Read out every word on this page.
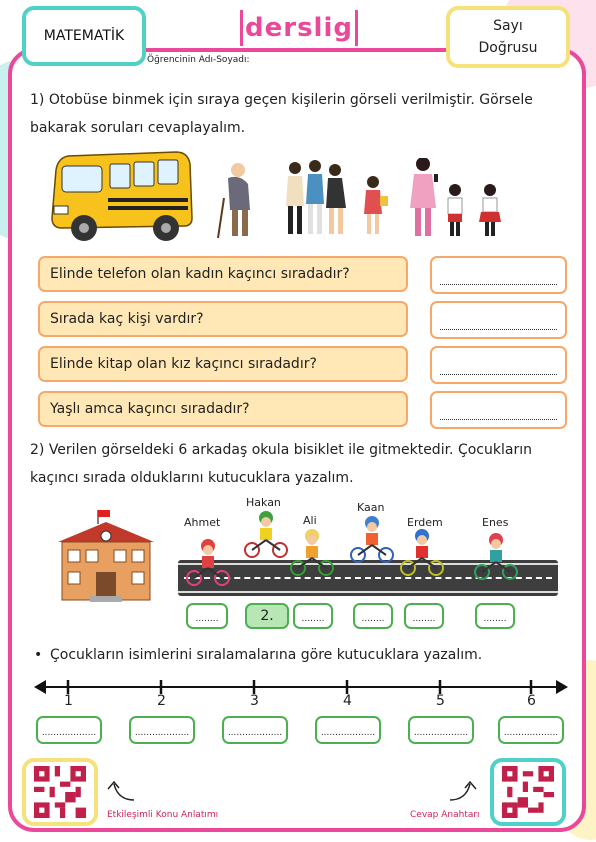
MATEMATİK	derslig	Sayı
Doğrusu
Öğrencinin Adı-Soyadı:
1) Otobüse binmek için sıraya geçen kişilerin görseli verilmiştir. Görsele
bakarak soruları cevaplayalım.
Elinde telefon olan kadın kaçıncı sıradadır?
Sırada kaç kişi vardır?
Elinde kitap olan kız kaçıncı sıradadır?
Yaşlı amca kaçıncı sıradadır?
2) Verilen görseldeki 6 arkadaş okula bisiklet ile gitmektedir. Çocukların
kaçıncı sırada olduklarını kutucuklara yazalım.
Ahmet
Hakan
Ali
Kaan
Erdem	Enes
........	2.	........	........	........	........
• Çocukların isimlerini sıralamalarına göre kutucuklara yazalım.
1	2	3	4	5	6
...................	...................	...................	...................	...................	...................
Etkileşimli Konu Anlatımı	Cevap Anahtarı
